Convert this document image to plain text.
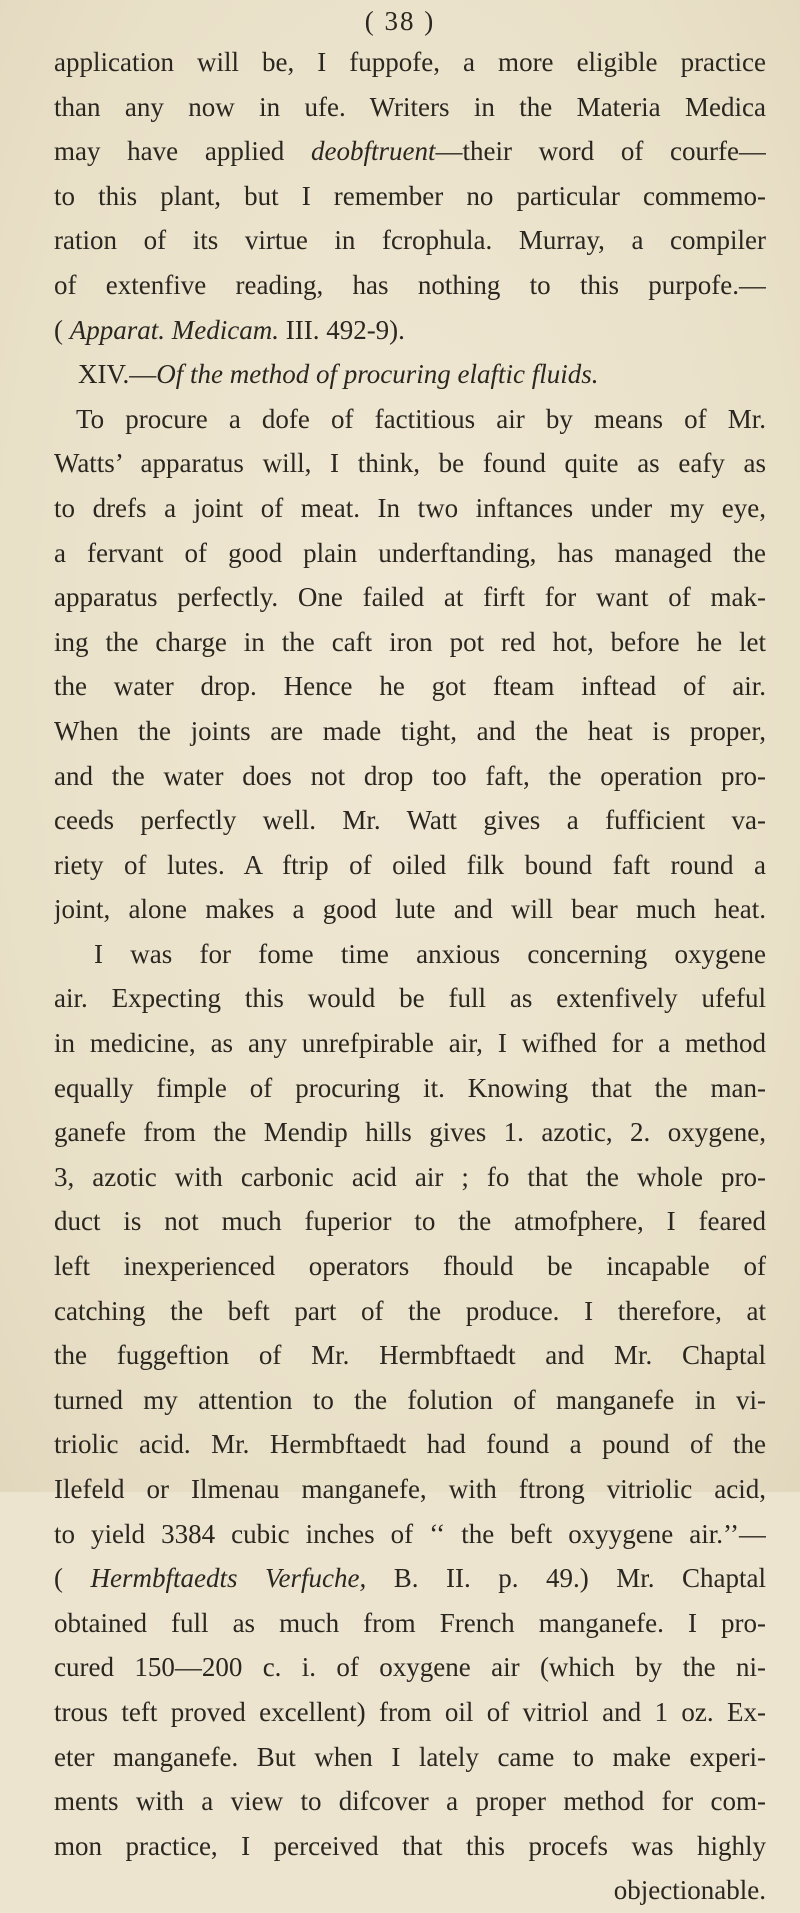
( 38 )
application will be, I fuppofe, a more eligible practice
than any now in ufe. Writers in the Materia Medica
may have applied deobftruent—their word of courfe—
to this plant, but I remember no particular commemo-
ration of its virtue in fcrophula. Murray, a compiler
of extenfive reading, has nothing to this purpofe.—
( Apparat. Medicam. III. 492-9).
XIV.—Of the method of procuring elaftic fluids.
To procure a dofe of factitious air by means of Mr.
Watts’ apparatus will, I think, be found quite as eafy as
to drefs a joint of meat. In two inftances under my eye,
a fervant of good plain underftanding, has managed the
apparatus perfectly. One failed at firft for want of mak-
ing the charge in the caft iron pot red hot, before he let
the water drop. Hence he got fteam inftead of air.
When the joints are made tight, and the heat is proper,
and the water does not drop too faft, the operation pro-
ceeds perfectly well. Mr. Watt gives a fufficient va-
riety of lutes. A ftrip of oiled filk bound faft round a
joint, alone makes a good lute and will bear much heat.
I was for fome time anxious concerning oxygene
air. Expecting this would be full as extenfively ufeful
in medicine, as any unrefpirable air, I wifhed for a method
equally fimple of procuring it. Knowing that the man-
ganefe from the Mendip hills gives 1. azotic, 2. oxygene,
3, azotic with carbonic acid air ; fo that the whole pro-
duct is not much fuperior to the atmofphere, I feared
left inexperienced operators fhould be incapable of
catching the beft part of the produce. I therefore, at
the fuggeftion of Mr. Hermbftaedt and Mr. Chaptal
turned my attention to the folution of manganefe in vi-
triolic acid. Mr. Hermbftaedt had found a pound of the
Ilefeld or Ilmenau manganefe, with ftrong vitriolic acid,
to yield 3384 cubic inches of ‘‘ the beft oxyygene air.’’—
( Hermbftaedts Verfuche, B. II. p. 49.) Mr. Chaptal
obtained full as much from French manganefe. I pro-
cured 150—200 c. i. of oxygene air (which by the ni-
trous teft proved excellent) from oil of vitriol and 1 oz. Ex-
eter manganefe. But when I lately came to make experi-
ments with a view to difcover a proper method for com-
mon practice, I perceived that this procefs was highly
objectionable.
